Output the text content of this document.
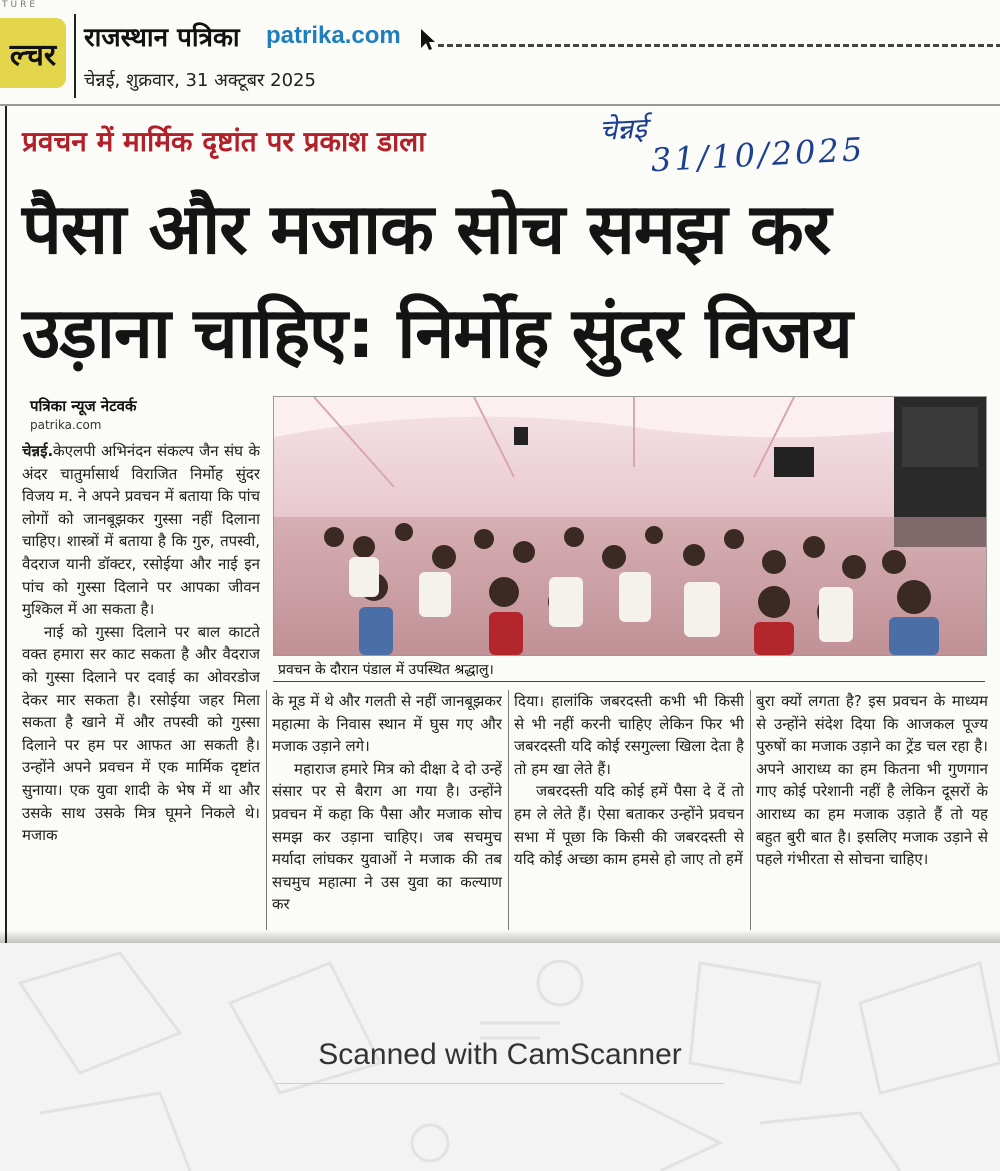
TURE
ल्चर राजस्थान पत्रिका patrika.com
चेन्नई, शुक्रवार, 31 अक्टूबर 2025
प्रवचन में मार्मिक दृष्टांत पर प्रकाश डाला	चेन्नई
31/10/2025
पैसा और मजाक सोच समझ कर
उड़ाना चाहिए: निर्मोह सुंदर विजय
पत्रिका न्यूज नेटवर्क
patrika.com
प्रवचन के दौरान पंडाल में उपस्थित श्रद्धालु।

चेन्नई.केएलपी अभिनंदन संकल्प जैन संघ के अंदर चातुर्मासार्थ विराजित निर्मोह सुंदर विजय म. ने अपने प्रवचन में बताया कि पांच लोगों को जानबूझकर गुस्सा नहीं दिलाना चाहिए। शास्त्रों में बताया है कि गुरु, तपस्वी, वैदराज यानी डॉक्टर, रसोईया और नाई इन पांच को गुस्सा दिलाने पर आपका जीवन मुश्किल में आ सकता है।

नाई को गुस्सा दिलाने पर बाल काटते वक्त हमारा सर काट सकता है और वैदराज को गुस्सा दिलाने पर दवाई का ओवरडोज देकर मार सकता है। रसोईया जहर मिला सकता है खाने में और तपस्वी को गुस्सा दिलाने पर हम पर आफत आ सकती है। उन्होंने अपने प्रवचन में एक मार्मिक दृष्टांत सुनाया। एक युवा शादी के भेष में था और उसके साथ उसके मित्र घूमने निकले थे। मजाक

के मूड में थे और गलती से नहीं जानबूझकर महात्मा के निवास स्थान में घुस गए और मजाक उड़ाने लगे।

महाराज हमारे मित्र को दीक्षा दे दो उन्हें संसार पर से बैराग आ गया है। उन्होंने प्रवचन में कहा कि पैसा और मजाक सोच समझ कर उड़ाना चाहिए। जब सचमुच मर्यादा लांघकर युवाओं ने मजाक की तब सचमुच महात्मा ने उस युवा का कल्याण कर

दिया। हालांकि जबरदस्ती कभी भी किसी से भी नहीं करनी चाहिए लेकिन फिर भी जबरदस्ती यदि कोई रसगुल्ला खिला देता है तो हम खा लेते हैं।

जबरदस्ती यदि कोई हमें पैसा दे दें तो हम ले लेते हैं। ऐसा बताकर उन्होंने प्रवचन सभा में पूछा कि किसी की जबरदस्ती से यदि कोई अच्छा काम हमसे हो जाए तो हमें

बुरा क्यों लगता है? इस प्रवचन के माध्यम से उन्होंने संदेश दिया कि आजकल पूज्य पुरुषों का मजाक उड़ाने का ट्रेंड चल रहा है। अपने आराध्य का हम कितना भी गुणगान गाए कोई परेशानी नहीं है लेकिन दूसरों के आराध्य का हम मजाक उड़ाते हैं तो यह बहुत बुरी बात है। इसलिए मजाक उड़ाने से पहले गंभीरता से सोचना चाहिए।

Scanned with CamScanner
